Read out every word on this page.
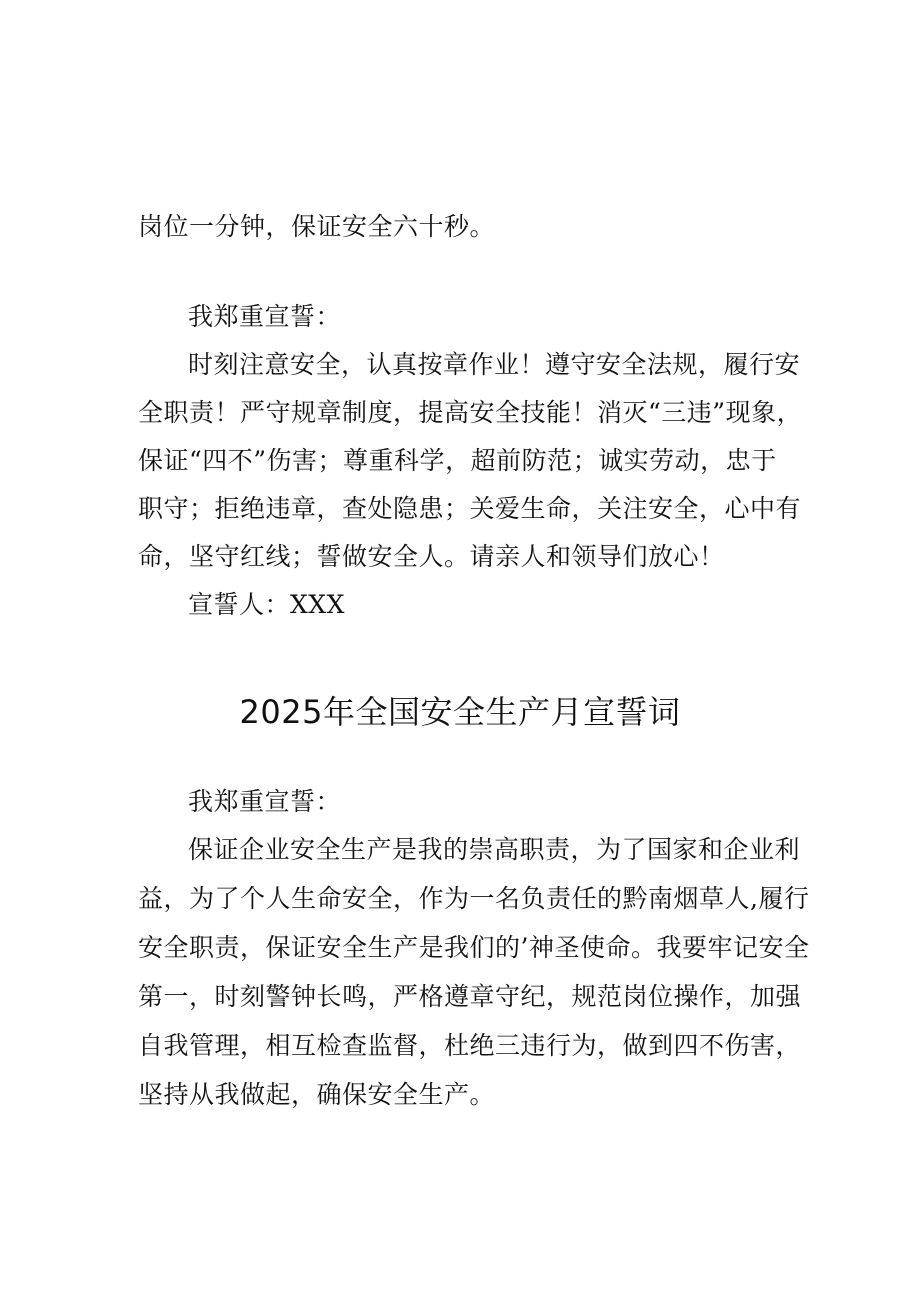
岗位一分钟，保证安全六十秒。
我郑重宣誓：
时刻注意安全，认真按章作业！遵守安全法规，履行安
全职责！严守规章制度，提高安全技能！消灭“三违”现象，
保证“四不”伤害；尊重科学，超前防范；诚实劳动，忠于
职守；拒绝违章，查处隐患；关爱生命，关注安全，心中有
命，坚守红线；誓做安全人。请亲人和领导们放心！
宣誓人：XXX
2025年全国安全生产月宣誓词
我郑重宣誓：
保证企业安全生产是我的崇高职责，为了国家和企业利
益，为了个人生命安全，作为一名负责任的黔南烟草人,履行
安全职责，保证安全生产是我们的’神圣使命。我要牢记安全
第一，时刻警钟长鸣，严格遵章守纪，规范岗位操作，加强
自我管理，相互检查监督，杜绝三违行为，做到四不伤害，
坚持从我做起，确保安全生产。
